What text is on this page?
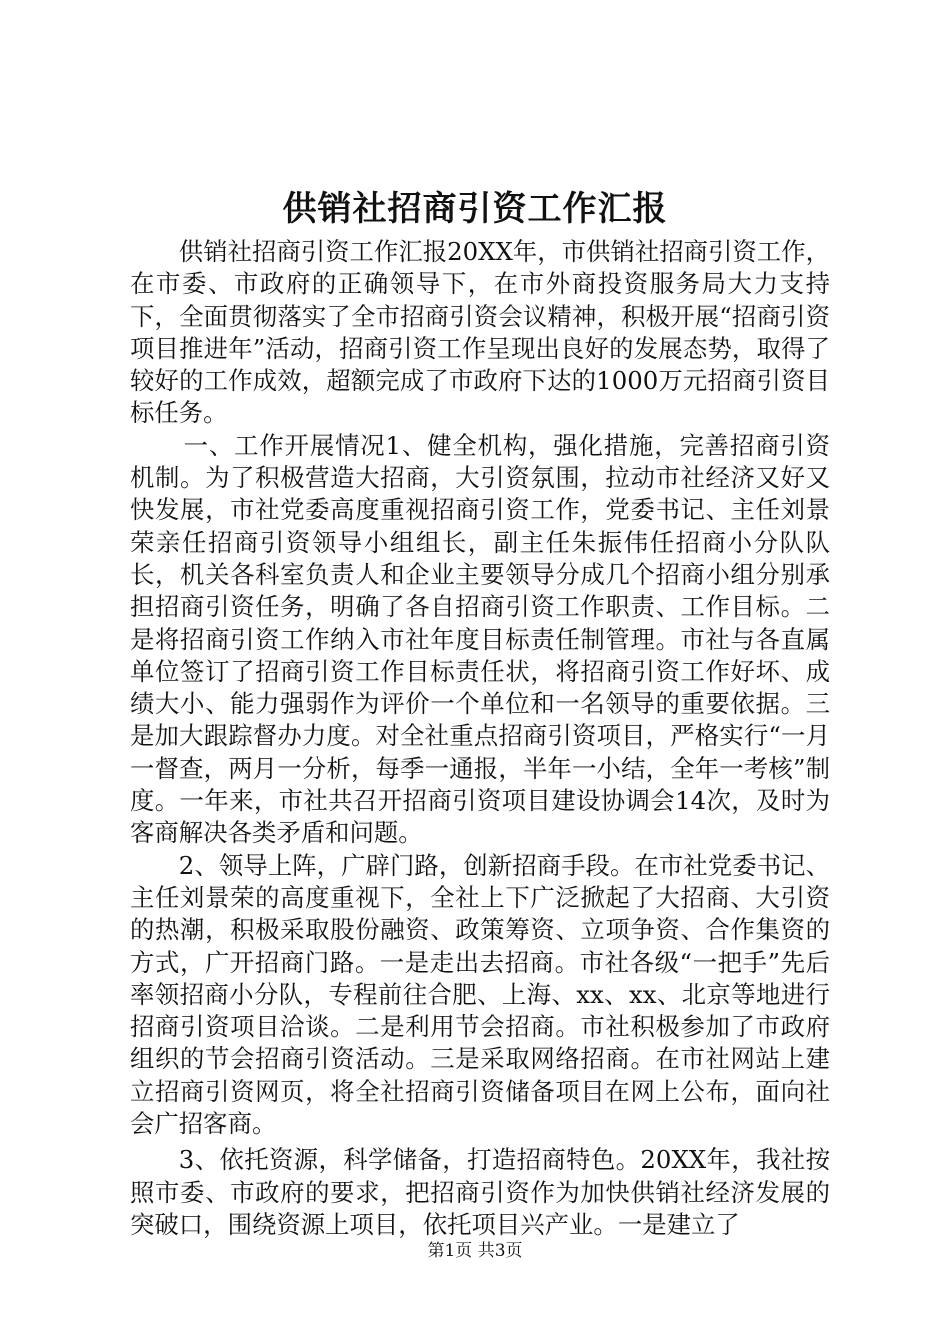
供销社招商引资工作汇报

供销社招商引资工作汇报20XX年，市供销社招商引资工作，在市委、市政府的正确领导下，在市外商投资服务局大力支持下，全面贯彻落实了全市招商引资会议精神，积极开展“招商引资项目推进年”活动，招商引资工作呈现出良好的发展态势，取得了较好的工作成效，超额完成了市政府下达的1000万元招商引资目标任务。

一、工作开展情况1、健全机构，强化措施，完善招商引资机制。为了积极营造大招商，大引资氛围，拉动市社经济又好又快发展，市社党委高度重视招商引资工作，党委书记、主任刘景荣亲任招商引资领导小组组长，副主任朱振伟任招商小分队队长，机关各科室负责人和企业主要领导分成几个招商小组分别承担招商引资任务，明确了各自招商引资工作职责、工作目标。二是将招商引资工作纳入市社年度目标责任制管理。市社与各直属单位签订了招商引资工作目标责任状，将招商引资工作好坏、成绩大小、能力强弱作为评价一个单位和一名领导的重要依据。三是加大跟踪督办力度。对全社重点招商引资项目，严格实行“一月一督查，两月一分析，每季一通报，半年一小结，全年一考核”制度。一年来，市社共召开招商引资项目建设协调会14次，及时为客商解决各类矛盾和问题。

2、领导上阵，广辟门路，创新招商手段。在市社党委书记、主任刘景荣的高度重视下，全社上下广泛掀起了大招商、大引资的热潮，积极采取股份融资、政策筹资、立项争资、合作集资的方式，广开招商门路。一是走出去招商。市社各级“一把手”先后率领招商小分队，专程前往合肥、上海、xx、xx、北京等地进行招商引资项目洽谈。二是利用节会招商。市社积极参加了市政府组织的节会招商引资活动。三是采取网络招商。在市社网站上建立招商引资网页，将全社招商引资储备项目在网上公布，面向社会广招客商。

3、依托资源，科学储备，打造招商特色。20XX年，我社按照市委、市政府的要求，把招商引资作为加快供销社经济发展的突破口，围绕资源上项目，依托项目兴产业。一是建立了

第1页 共3页
